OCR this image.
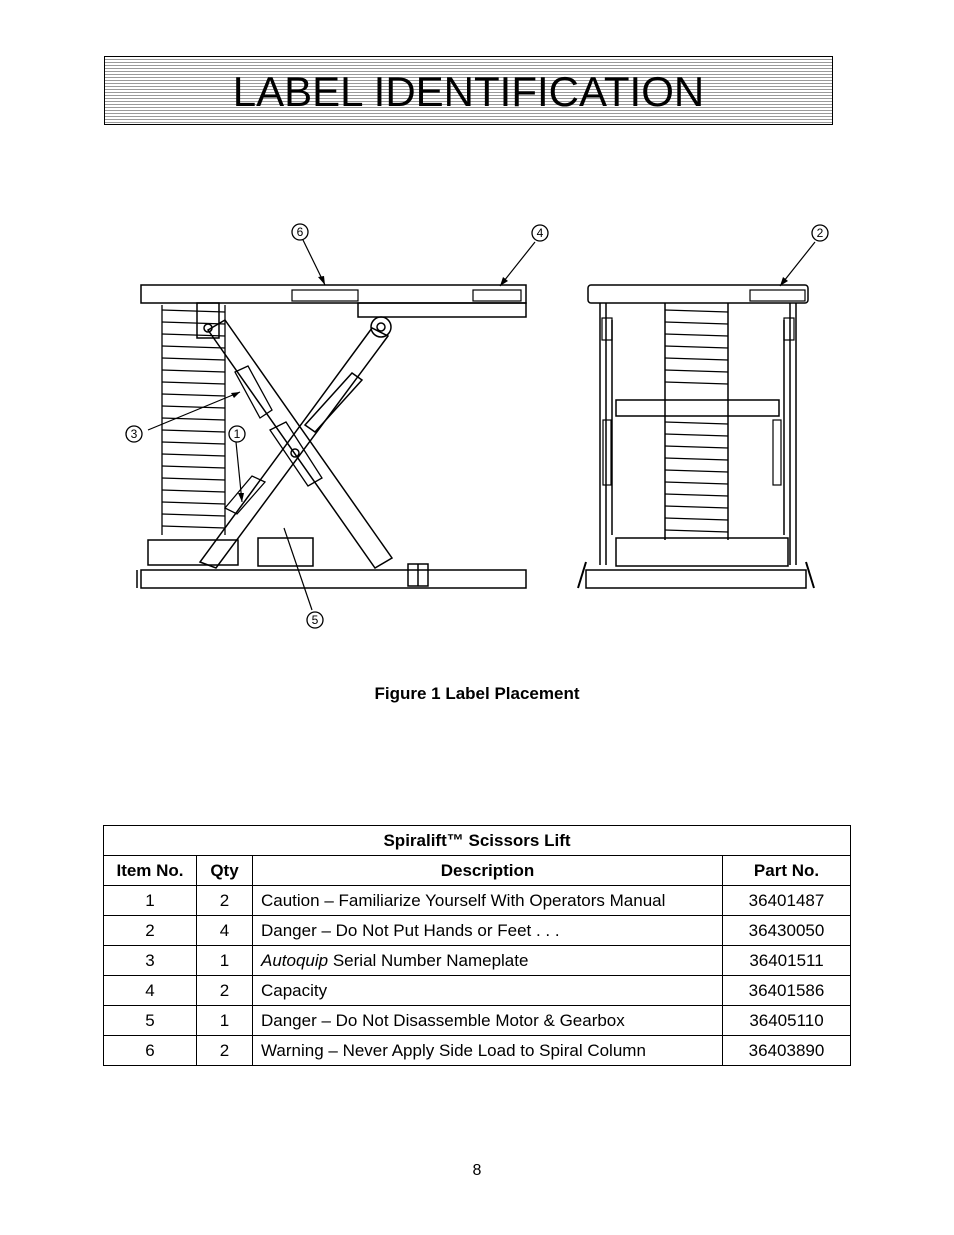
LABEL IDENTIFICATION
6	4	2
3	1
5
Figure 1 Label Placement
Spiralift™ Scissors Lift			
Item No.	Qty	Description	Part No.
1	2	Caution – Familiarize Yourself With Operators Manual	36401487
2	4	Danger – Do Not Put Hands or Feet . . .	36430050
3	1	Autoquip Serial Number Nameplate	36401511
4	2	Capacity	36401586
5	1	Danger – Do Not Disassemble Motor & Gearbox	36405110
6	2	Warning – Never Apply Side Load to Spiral Column	36403890
8
